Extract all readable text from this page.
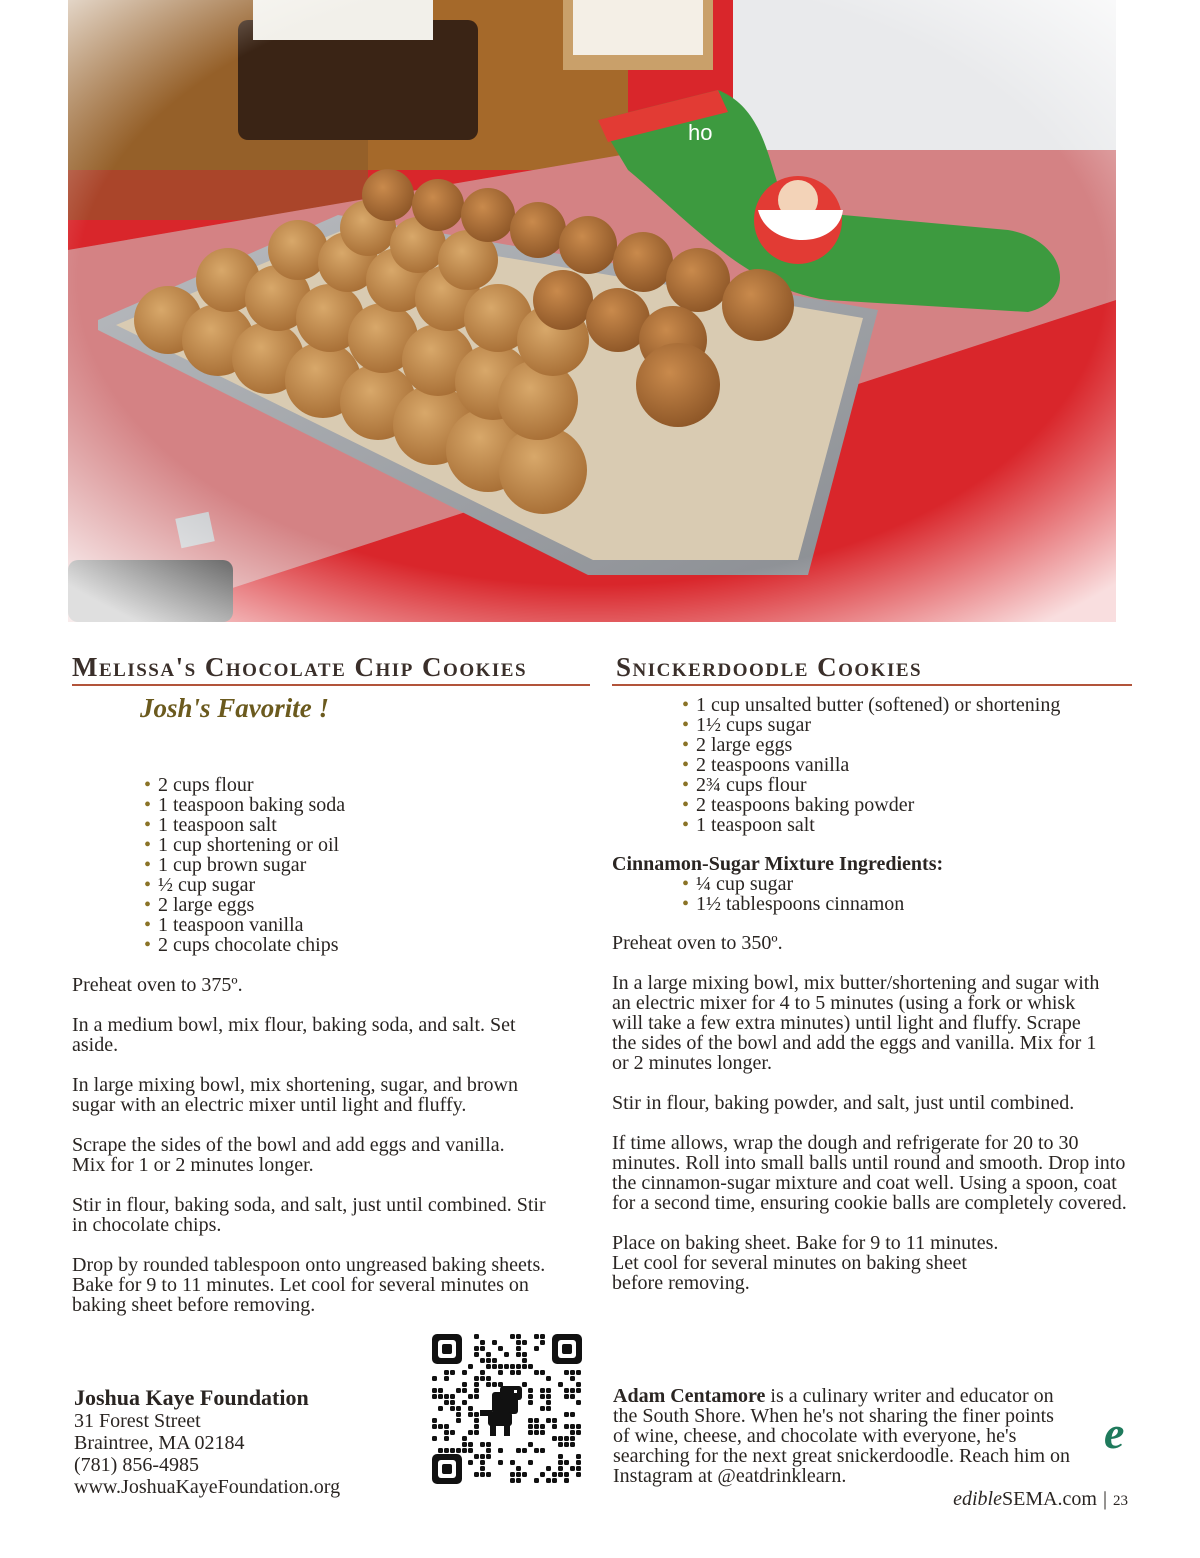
Melissa's Chocolate Chip Cookies
Josh's Favorite !
• 2 cups flour
• 1 teaspoon baking soda
• 1 teaspoon salt
• 1 cup shortening or oil
• 1 cup brown sugar
• ½ cup sugar
• 2 large eggs
• 1 teaspoon vanilla
• 2 cups chocolate chips

Preheat oven to 375º.

In a medium bowl, mix flour, baking soda, and salt. Set aside.

In large mixing bowl, mix shortening, sugar, and brown sugar with an electric mixer until light and fluffy.

Scrape the sides of the bowl and add eggs and vanilla. Mix for 1 or 2 minutes longer.

Stir in flour, baking soda, and salt, just until combined. Stir in chocolate chips.

Drop by rounded tablespoon onto ungreased baking sheets. Bake for 9 to 11 minutes. Let cool for several minutes on baking sheet before removing.

Snickerdoodle Cookies
• 1 cup unsalted butter (softened) or shortening
• 1½ cups sugar
• 2 large eggs
• 2 teaspoons vanilla
• 2¾ cups flour
• 2 teaspoons baking powder
• 1 teaspoon salt
Cinnamon-Sugar Mixture Ingredients:
• ¼ cup sugar
• 1½ tablespoons cinnamon

Preheat oven to 350º.

In a large mixing bowl, mix butter/shortening and sugar with an electric mixer for 4 to 5 minutes (using a fork or whisk will take a few extra minutes) until light and fluffy. Scrape the sides of the bowl and add the eggs and vanilla. Mix for 1 or 2 minutes longer.

Stir in flour, baking powder, and salt, just until combined.

If time allows, wrap the dough and refrigerate for 20 to 30 minutes. Roll into small balls until round and smooth. Drop into the cinnamon-sugar mixture and coat well. Using a spoon, coat for a second time, ensuring cookie balls are completely covered.

Place on baking sheet. Bake for 9 to 11 minutes. Let cool for several minutes on baking sheet before removing.

Joshua Kaye Foundation
31 Forest Street
Braintree, MA 02184
(781) 856-4985
www.JoshuaKayeFoundation.org
Adam Centamore is a culinary writer and educator on the South Shore. When he's not sharing the finer points of wine, cheese, and chocolate with everyone, he's searching for the next great snickerdoodle. Reach him on Instagram at @eatdrinklearn.
e
edibleSEMA.com | 23
